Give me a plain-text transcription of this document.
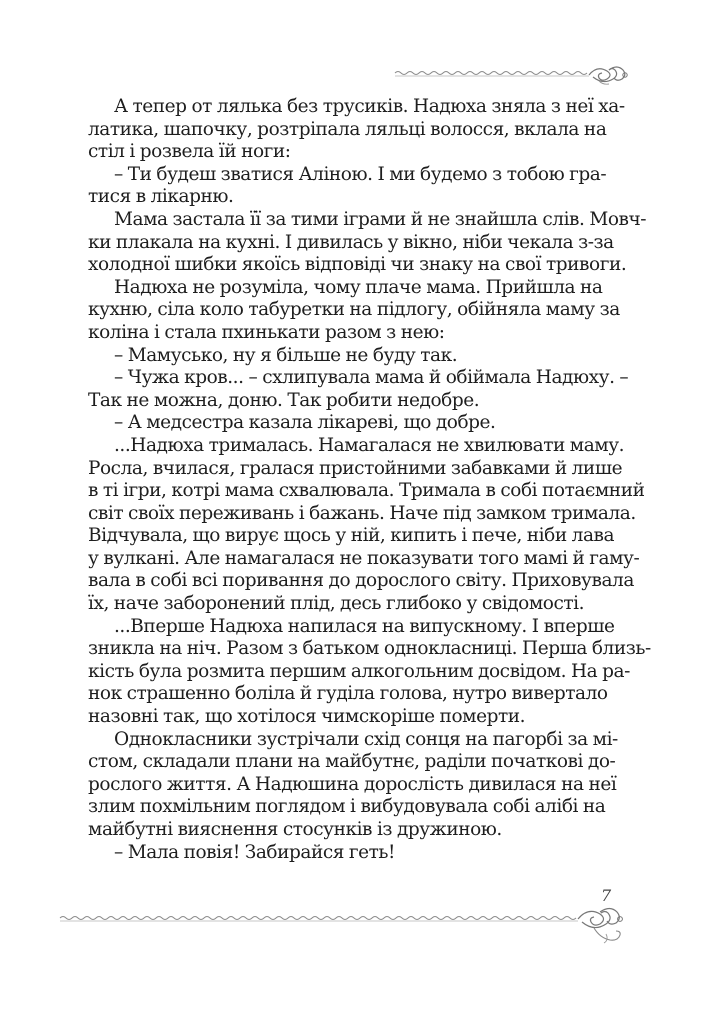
А тепер от лялька без трусиків. Надюха зняла з неї ха-
латика, шапочку, розтріпала ляльці волосся, вклала на
стіл і розвела їй ноги:
– Ти будеш зватися Аліною. І ми будемо з тобою гра-
тися в лікарню.
Мама застала її за тими іграми й не знайшла слів. Мовч-
ки плакала на кухні. І дивилась у вікно, ніби чекала з-за
холодної шибки якоїсь відповіді чи знаку на свої тривоги.
Надюха не розуміла, чому плаче мама. Прийшла на
кухню, сіла коло табуретки на підлогу, обійняла маму за
коліна і стала пхинькати разом з нею:
– Мамусько, ну я більше не буду так.
– Чужа кров... – схлипувала мама й обіймала Надюху. –
Так не можна, доню. Так робити недобре.
– А медсестра казала лікареві, що добре.
...Надюха трималась. Намагалася не хвилювати маму.
Росла, вчилася, гралася пристойними забавками й лише
в ті ігри, котрі мама схвалювала. Тримала в собі потаємний
світ своїх переживань і бажань. Наче під замком тримала.
Відчувала, що вирує щось у ній, кипить і пече, ніби лава
у вулкані. Але намагалася не показувати того мамі й гаму-
вала в собі всі поривання до дорослого світу. Приховувала
їх, наче заборонений плід, десь глибоко у свідомості.
...Вперше Надюха напилася на випускному. І вперше
зникла на ніч. Разом з батьком однокласниці. Перша близь-
кість була розмита першим алкогольним досвідом. На ра-
нок страшенно боліла й гуділа голова, нутро вивертало
назовні так, що хотілося чимскоріше померти.
Однокласники зустрічали схід сонця на пагорбі за мі-
стом, складали плани на майбутнє, раділи початкові до-
рослого життя. А Надюшина дорослість дивилася на неї
злим похмільним поглядом і вибудовувала собі алібі на
майбутні вияснення стосунків із дружиною.
– Мала повія! Забирайся геть!
7
